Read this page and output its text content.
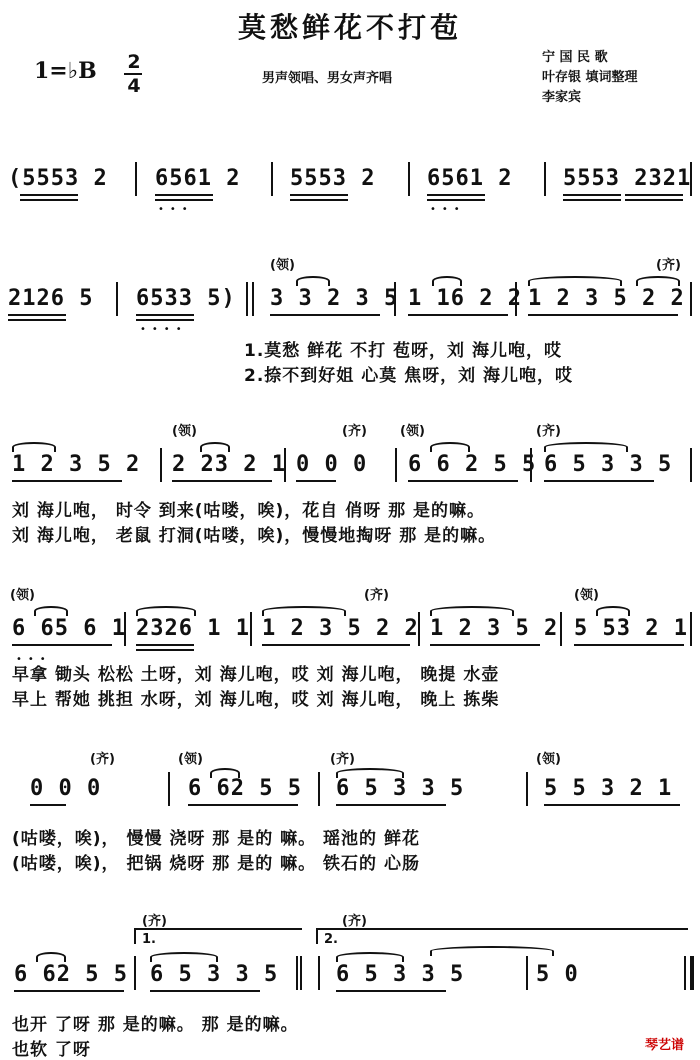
莫愁鲜花不打苞
1=♭B 2
4	男声领唱、男女声齐唱
宁 国 民 歌
叶存银 填词整理
李家宾
(5553 2 6561 2 5553 2 6561 2 5553 2321
•••	•••
(领)	(齐)
2126 5 6533 5) 3 3 2 3 5 1 16 2 2 1 2 3 5 2 2
••••
1.莫愁 鲜花 不打 苞呀，刘 海儿咆，哎
2.捺不到好姐 心莫 焦呀，刘 海儿咆，哎
(领)	(齐)	(领)	(齐)
1 2 3 5 2 2 23 2 1 0 0 0 6 6 2 5 5 6 5 3 3 5
刘 海儿咆， 时令 到来(咕喽，唉)，花自 俏呀 那 是的嘛。
刘 海儿咆， 老鼠 打洞(咕喽，唉)，慢慢地掏呀 那 是的嘛。
(领)	(齐)	(领)
6 65 6 1 2326 1 1 1 2 3 5 2 2 1 2 3 5 2 5 53 2 1
•••
早拿 锄头 松松 土呀，刘 海儿咆，哎 刘 海儿咆， 晚提 水壶
早上 帮她 挑担 水呀，刘 海儿咆，哎 刘 海儿咆， 晚上 拣柴
(齐)	(领)	(齐)	(领)
0 0 0	6 62 5 5 6 5 3 3 5	5 5 3 2 1
(咕喽，唉)， 慢慢 浇呀 那 是的 嘛。 瑶池的 鲜花
(咕喽，唉)， 把锅 烧呀 那 是的 嘛。 铁石的 心肠
(齐)	(齐)
1.	2.
6 62 5 5 6 5 3 3 5	6 5 3 3 5	5 0
也开 了呀 那 是的嘛。 那 是的嘛。
也软 了呀	琴艺谱
